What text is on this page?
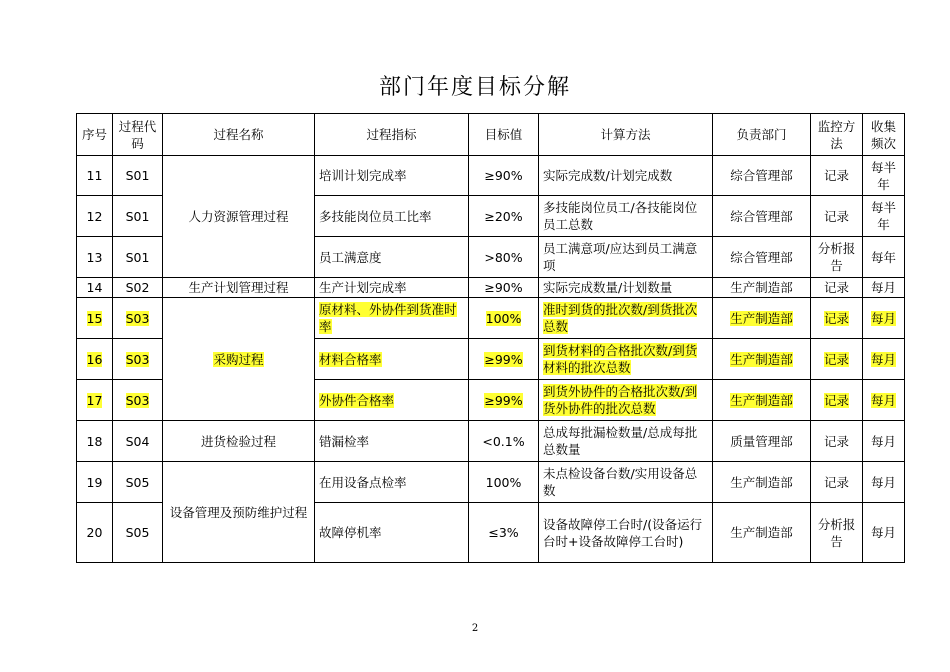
部门年度目标分解
序号	过程代码	过程名称	过程指标	目标值	计算方法	负责部门	监控方法	收集频次
11	S01	人力资源管理过程	培训计划完成率	≥90%	实际完成数/计划完成数	综合管理部	记录	每半年
12	S01		多技能岗位员工比率	≥20%	多技能岗位员工/各技能岗位员工总数	综合管理部	记录	每半年
13	S01		员工满意度	>80%	员工满意项/应达到员工满意项	综合管理部	分析报告	每年
14	S02	生产计划管理过程	生产计划完成率	≥90%	实际完成数量/计划数量	生产制造部	记录	每月
15	S03	采购过程	原材料、外协件到货准时率	100%	准时到货的批次数/到货批次总数	生产制造部	记录	每月
16	S03		材料合格率	≥99%	到货材料的合格批次数/到货材料的批次总数	生产制造部	记录	每月
17	S03		外协件合格率	≥99%	到货外协件的合格批次数/到货外协件的批次总数	生产制造部	记录	每月
18	S04	进货检验过程	错漏检率	<0.1%	总成每批漏检数量/总成每批总数量	质量管理部	记录	每月
19	S05	设备管理及预防维护过程	在用设备点检率	100%	未点检设备台数/实用设备总数	生产制造部	记录	每月
20	S05		故障停机率	≤3%	设备故障停工台时/(设备运行台时+设备故障停工台时)	生产制造部	分析报告	每月
2
